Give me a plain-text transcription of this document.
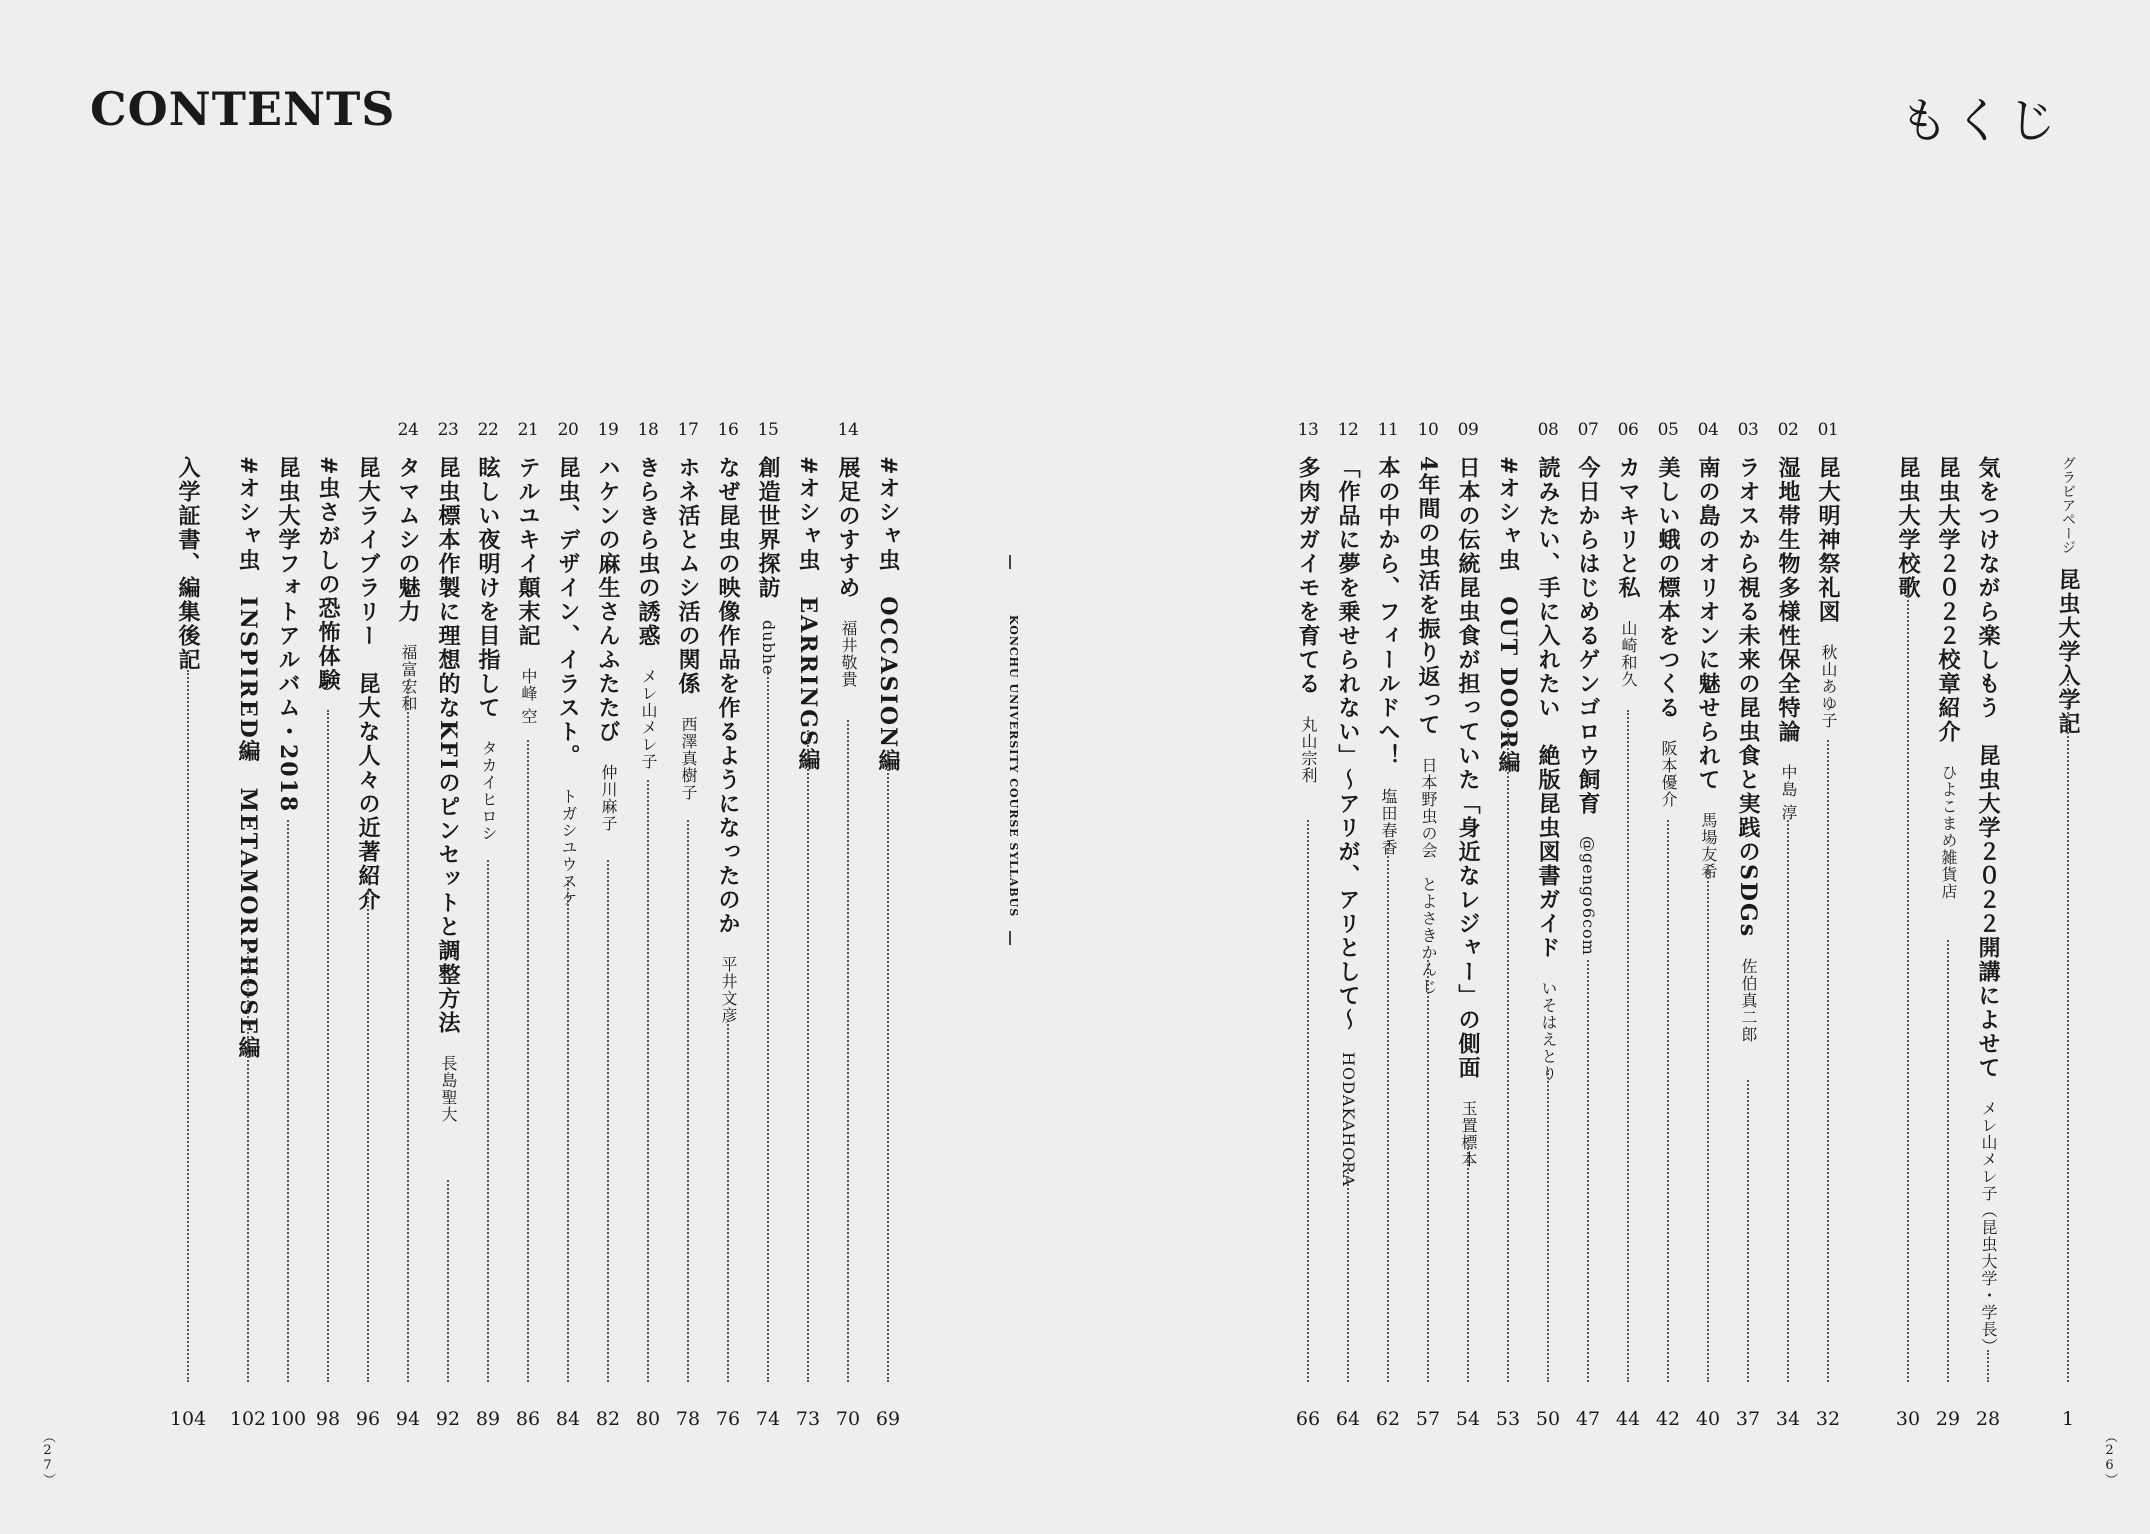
CONTENTS	もくじ
グラビアページ昆虫大学入学記
1
気をつけながら楽しもう　昆虫大学２０２２開講によせてメレ山メレ子（昆虫大学・学長）
28
昆虫大学２０２２校章紹介ひよこまめ雑貨店
29
昆虫大学校歌
30
01
昆大明神祭礼図秋山あゆ子
32
02
湿地帯生物多様性保全特論中島 淳
34
03
ラオスから視る未来の昆虫食と実践のSDGs佐伯真二郎
37
04
南の島のオリオンに魅せられて馬場友希
40
05
美しい蛾の標本をつくる阪本優介
42
06
カマキリと私山崎和久
44
07
今日からはじめるゲンゴロウ飼育@gengo6com
47
08
読みたい、手に入れたい　絶版昆虫図書ガイドいそはえとり
50
#オシャ虫　OUT DOOR編
53
09
日本の伝統昆虫食が担っていた「身近なレジャー」の側面玉置標本
54
10
4年間の虫活を振り返って日本野虫の会　とよさきかんじ
57
11
本の中から、フィールドへ！塩田春香
62
12
「作品に夢を乗せられない」〜アリが、アリとして〜HODAKAHORA
64
13
多肉ガガイモを育てる丸山宗利
66
KONCHU UNIVERSITY COURSE SYLLABUS
#オシャ虫　OCCASION編
69
14
展足のすすめ福井敬貴
70
#オシャ虫　EARRINGS編
73
15
創造世界探訪dubhe
74
16
なぜ昆虫の映像作品を作るようになったのか平井文彦
76
17
ホネ活とムシ活の関係西澤真樹子
78
18
きらきら虫の誘惑メレ山メレ子
80
19
ハケンの麻生さんふたたび仲川麻子
82
20
昆虫、デザイン、イラスト。トガシユウスケ
84
21
テルユキイ顛末記中峰 空
86
22
眩しい夜明けを目指してタカイヒロシ
89
23
昆虫標本作製に理想的なKFIのピンセットと調整方法長島聖大
92
24
タマムシの魅力福富宏和
94
昆大ライブラリー　昆大な人々の近著紹介
96
#虫さがしの恐怖体験
98
昆虫大学フォトアルバム・2018
100
#オシャ虫　INSPIRED編　METAMORPHOSE編
102
入学証書、編集後記
104
（27）	（26）
